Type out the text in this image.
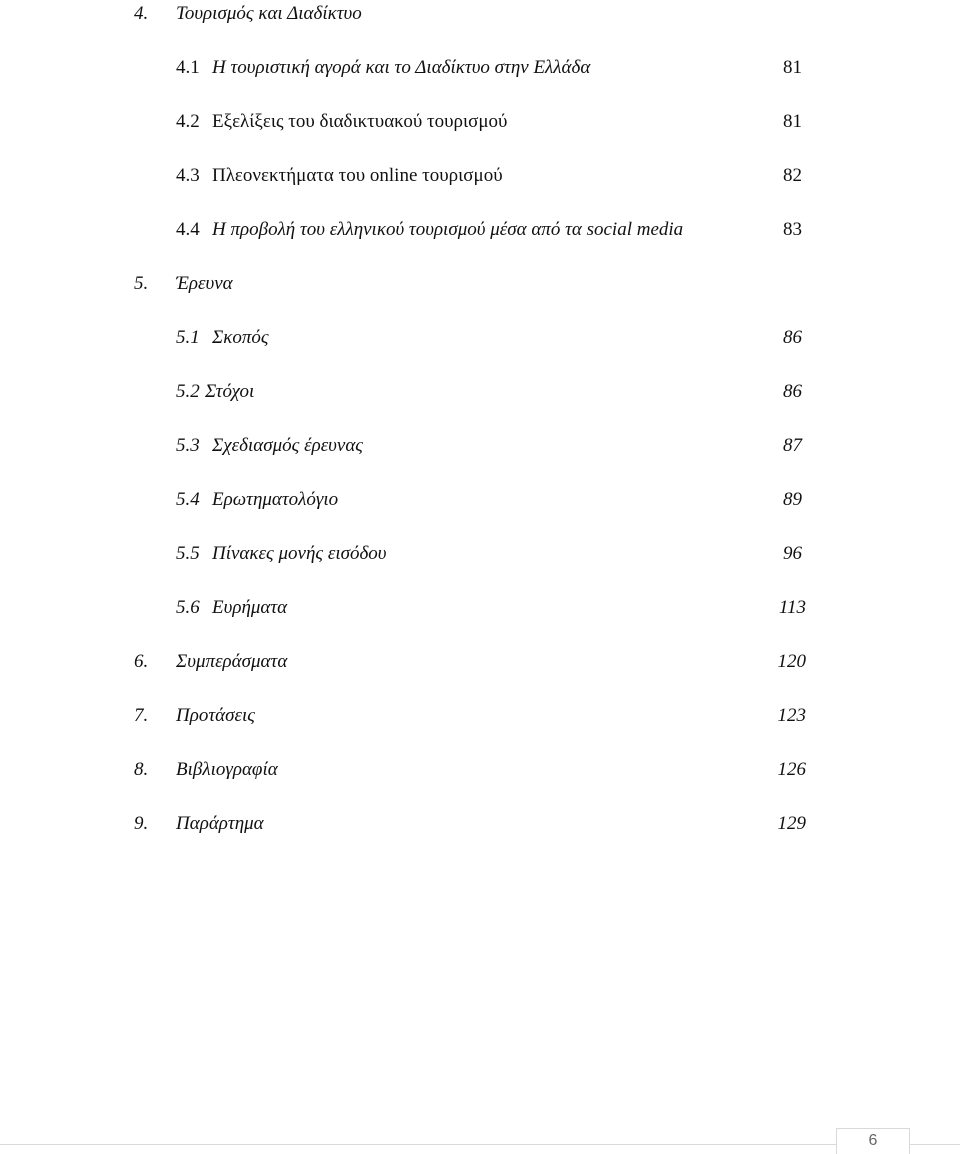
4. Τουρισμός και Διαδίκτυο
4.1 Η τουριστική αγορά και το Διαδίκτυο στην Ελλάδα	81
4.2 Εξελίξεις του διαδικτυακού τουρισμού	81
4.3 Πλεονεκτήματα του online τουρισμού	82
4.4 Η προβολή του ελληνικού τουρισμού μέσα από τα social media	83
5. Έρευνα
5.1 Σκοπός	86
5.2 Στόχοι	86
5.3 Σχεδιασμός έρευνας	87
5.4 Ερωτηματολόγιο	89
5.5 Πίνακες μονής εισόδου	96
5.6 Ευρήματα	113
6. Συμπεράσματα	120
7. Προτάσεις	123
8. Βιβλιογραφία	126
9. Παράρτημα	129
6
